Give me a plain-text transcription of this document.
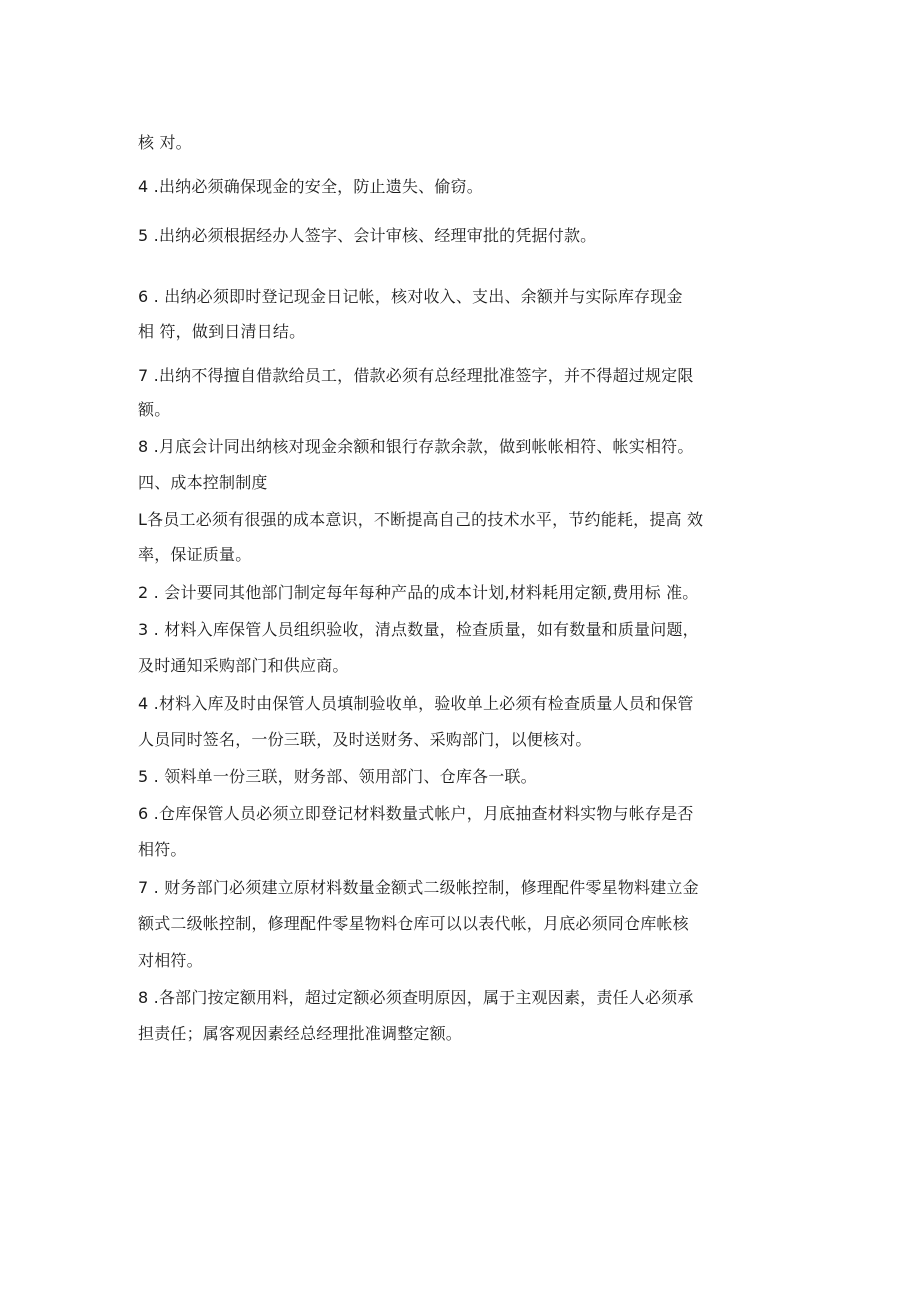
核 对。
4 .出纳必须确保现金的安全，防止遗失、偷窃。
5 .出纳必须根据经办人签字、会计审核、经理审批的凭据付款。
6 . 出纳必须即时登记现金日记帐，核对收入、支出、余额并与实际库存现金
相 符，做到日清日结。
7 .出纳不得擅自借款给员工，借款必须有总经理批准签字，并不得超过规定限
额。
8 .月底会计同出纳核对现金余额和银行存款余款，做到帐帐相符、帐实相符。
四、成本控制制度
L各员工必须有很强的成本意识，不断提高自己的技术水平，节约能耗，提高 效
率，保证质量。
2 . 会计要同其他部门制定每年每种产品的成本计划,材料耗用定额,费用标 准。
3 . 材料入库保管人员组织验收，清点数量，检查质量，如有数量和质量问题，
及时通知采购部门和供应商。
4 .材料入库及时由保管人员填制验收单，验收单上必须有检查质量人员和保管
人员同时签名，一份三联，及时送财务、采购部门，以便核对。
5 . 领料单一份三联，财务部、领用部门、仓库各一联。
6 .仓库保管人员必须立即登记材料数量式帐户，月底抽查材料实物与帐存是否
相符。
7 . 财务部门必须建立原材料数量金额式二级帐控制，修理配件零星物料建立金
额式二级帐控制，修理配件零星物料仓库可以以表代帐，月底必须同仓库帐核
对相符。
8 .各部门按定额用料，超过定额必须查明原因，属于主观因素，责任人必须承
担责任；属客观因素经总经理批准调整定额。
